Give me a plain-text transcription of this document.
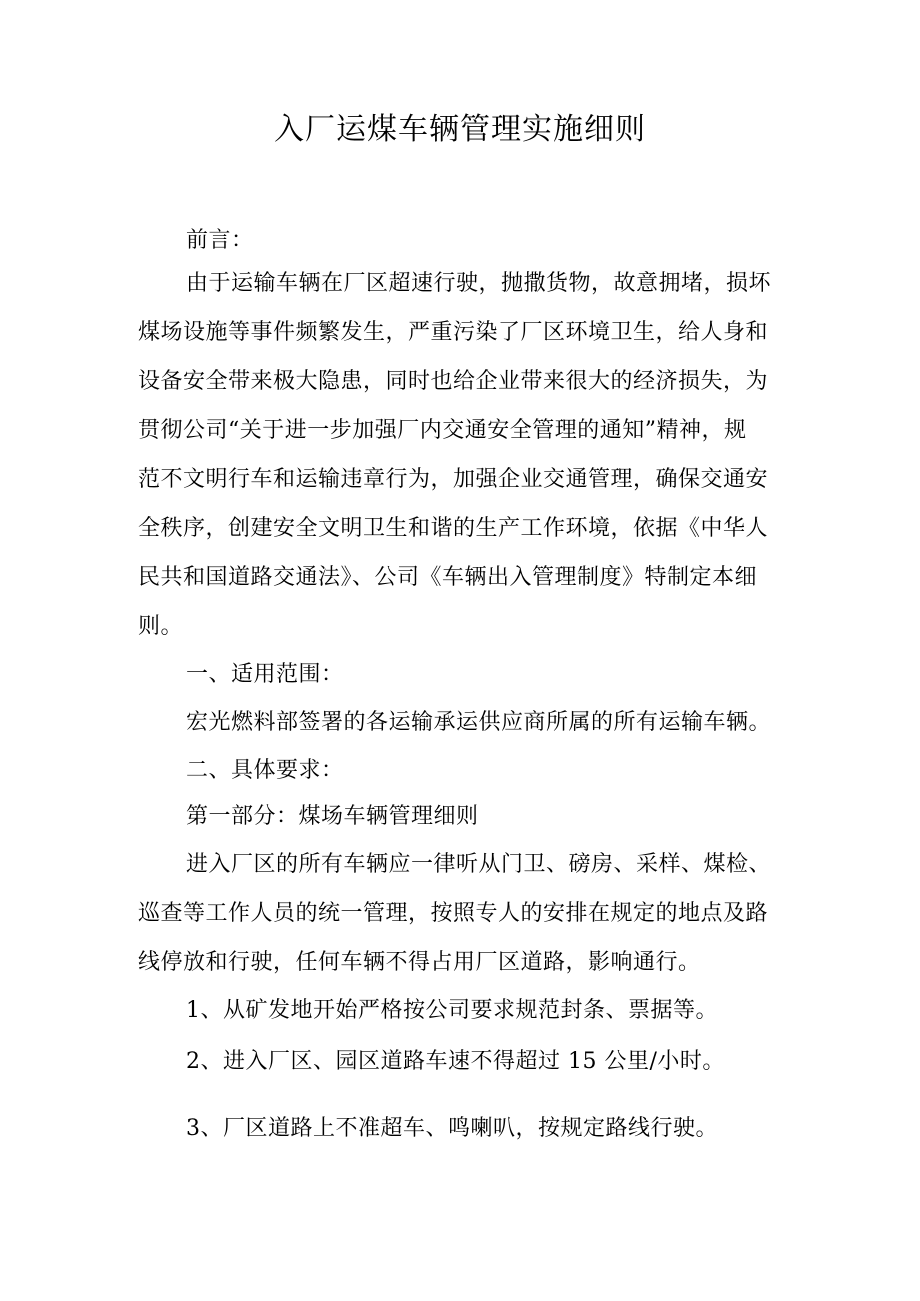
入厂运煤车辆管理实施细则
前言：
由于运输车辆在厂区超速行驶，抛撒货物，故意拥堵，损坏
煤场设施等事件频繁发生，严重污染了厂区环境卫生，给人身和
设备安全带来极大隐患，同时也给企业带来很大的经济损失，为
贯彻公司“关于进一步加强厂内交通安全管理的通知”精神，规
范不文明行车和运输违章行为，加强企业交通管理，确保交通安
全秩序，创建安全文明卫生和谐的生产工作环境，依据《中华人
民共和国道路交通法》、公司《车辆出入管理制度》特制定本细
则。
一、适用范围：
宏光燃料部签署的各运输承运供应商所属的所有运输车辆。
二、具体要求：
第一部分：煤场车辆管理细则
进入厂区的所有车辆应一律听从门卫、磅房、采样、煤检、
巡查等工作人员的统一管理，按照专人的安排在规定的地点及路
线停放和行驶，任何车辆不得占用厂区道路，影响通行。
1、从矿发地开始严格按公司要求规范封条、票据等。
2、进入厂区、园区道路车速不得超过 15 公里/小时。
3、厂区道路上不准超车、鸣喇叭，按规定路线行驶。
